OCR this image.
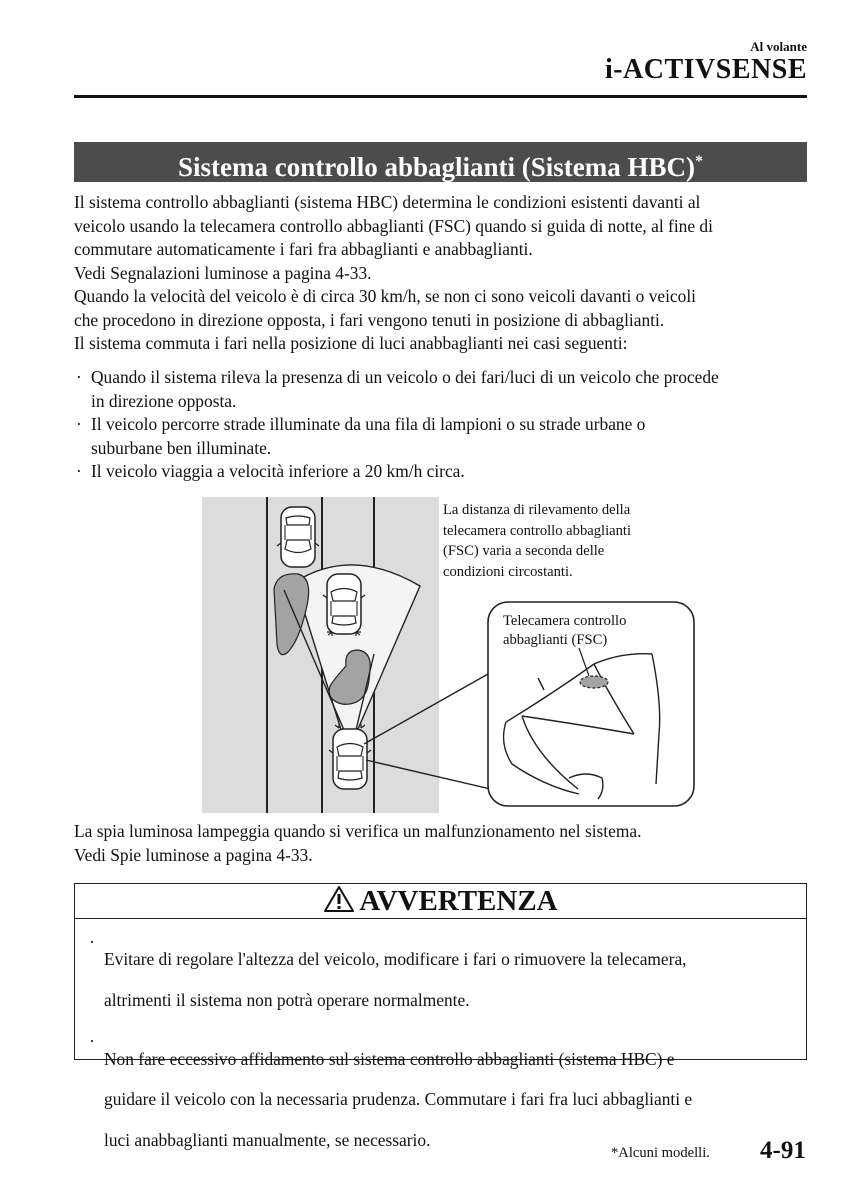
Al volante
i-ACTIVSENSE
Sistema controllo abbaglianti (Sistema HBC)*

Il sistema controllo abbaglianti (sistema HBC) determina le condizioni esistenti davanti al

veicolo usando la telecamera controllo abbaglianti (FSC) quando si guida di notte, al fine di

commutare automaticamente i fari fra abbaglianti e anabbaglianti.

Vedi Segnalazioni luminose a pagina 4-33.

Quando la velocità del veicolo è di circa 30 km/h, se non ci sono veicoli davanti o veicoli

che procedono in direzione opposta, i fari vengono tenuti in posizione di abbaglianti.

Il sistema commuta i fari nella posizione di luci anabbaglianti nei casi seguenti:

· Quando il sistema rileva la presenza di un veicolo o dei fari/luci di un veicolo che procede

in direzione opposta.

· Il veicolo percorre strade illuminate da una fila di lampioni o su strade urbane o

suburbane ben illuminate.

· Il veicolo viaggia a velocità inferiore a 20 km/h circa.

La distanza di rilevamento della
telecamera controllo abbaglianti
(FSC) varia a seconda delle
condizioni circostanti.
Telecamera controllo
abbaglianti (FSC)

La spia luminosa lampeggia quando si verifica un malfunzionamento nel sistema.

Vedi Spie luminose a pagina 4-33.

AVVERTENZA
·

Evitare di regolare l'altezza del veicolo, modificare i fari o rimuovere la telecamera,

altrimenti il sistema non potrà operare normalmente.

·

Non fare eccessivo affidamento sul sistema controllo abbaglianti (sistema HBC) e

guidare il veicolo con la necessaria prudenza. Commutare i fari fra luci abbaglianti e

luci anabbaglianti manualmente, se necessario.

*Alcuni modelli. 4-91
